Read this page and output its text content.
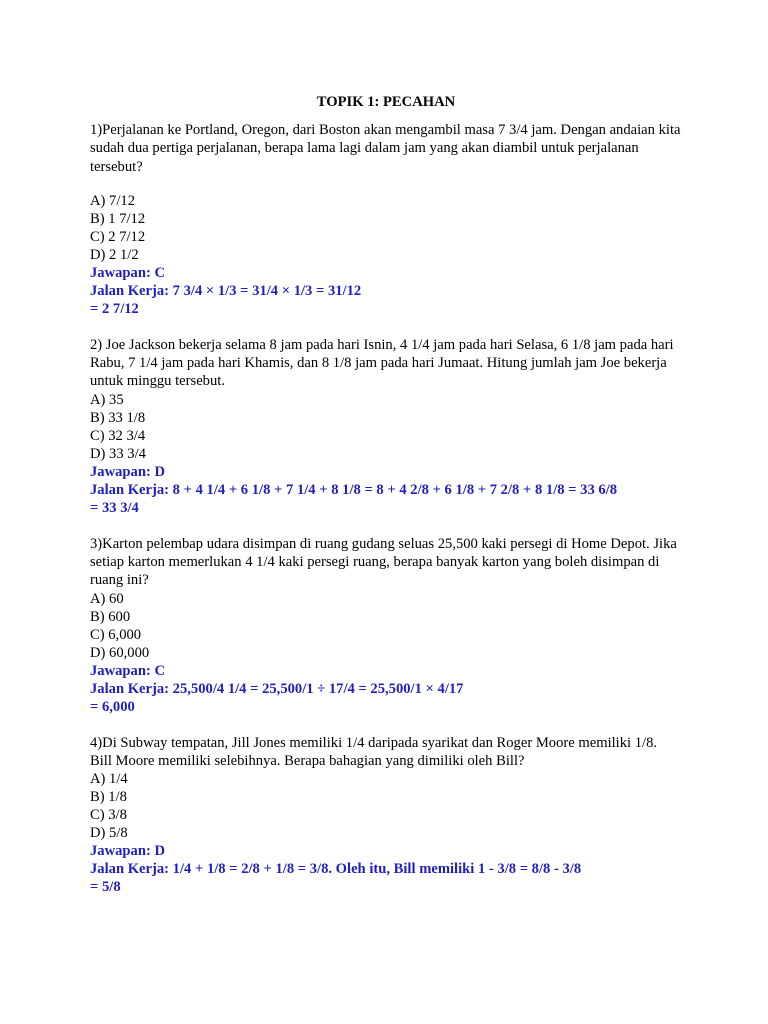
TOPIK 1: PECAHAN
1)Perjalanan ke Portland, Oregon, dari Boston akan mengambil masa 7 3/4 jam. Dengan andaian kita sudah dua pertiga perjalanan, berapa lama lagi dalam jam yang akan diambil untuk perjalanan tersebut?
A) 7/12
B) 1 7/12
C) 2 7/12
D) 2 1/2
Jawapan: C
Jalan Kerja: 7 3/4 × 1/3 = 31/4 × 1/3 = 31/12
= 2 7/12
2) Joe Jackson bekerja selama 8 jam pada hari Isnin, 4 1/4 jam pada hari Selasa, 6 1/8 jam pada hari Rabu, 7 1/4 jam pada hari Khamis, dan 8 1/8 jam pada hari Jumaat. Hitung jumlah jam Joe bekerja untuk minggu tersebut.
A) 35
B) 33 1/8
C) 32 3/4
D) 33 3/4
Jawapan: D
Jalan Kerja: 8 + 4 1/4 + 6 1/8 + 7 1/4 + 8 1/8 = 8 + 4 2/8 + 6 1/8 + 7 2/8 + 8 1/8 = 33 6/8
= 33 3/4
3)Karton pelembap udara disimpan di ruang gudang seluas 25,500 kaki persegi di Home Depot. Jika setiap karton memerlukan 4 1/4 kaki persegi ruang, berapa banyak karton yang boleh disimpan di ruang ini?
A) 60
B) 600
C) 6,000
D) 60,000
Jawapan: C
Jalan Kerja: 25,500/4 1/4 = 25,500/1 ÷ 17/4 = 25,500/1 × 4/17
= 6,000
4)Di Subway tempatan, Jill Jones memiliki 1/4 daripada syarikat dan Roger Moore memiliki 1/8. Bill Moore memiliki selebihnya. Berapa bahagian yang dimiliki oleh Bill?
A) 1/4
B) 1/8
C) 3/8
D) 5/8
Jawapan: D
Jalan Kerja: 1/4 + 1/8 = 2/8 + 1/8 = 3/8. Oleh itu, Bill memiliki 1 - 3/8 = 8/8 - 3/8
= 5/8
